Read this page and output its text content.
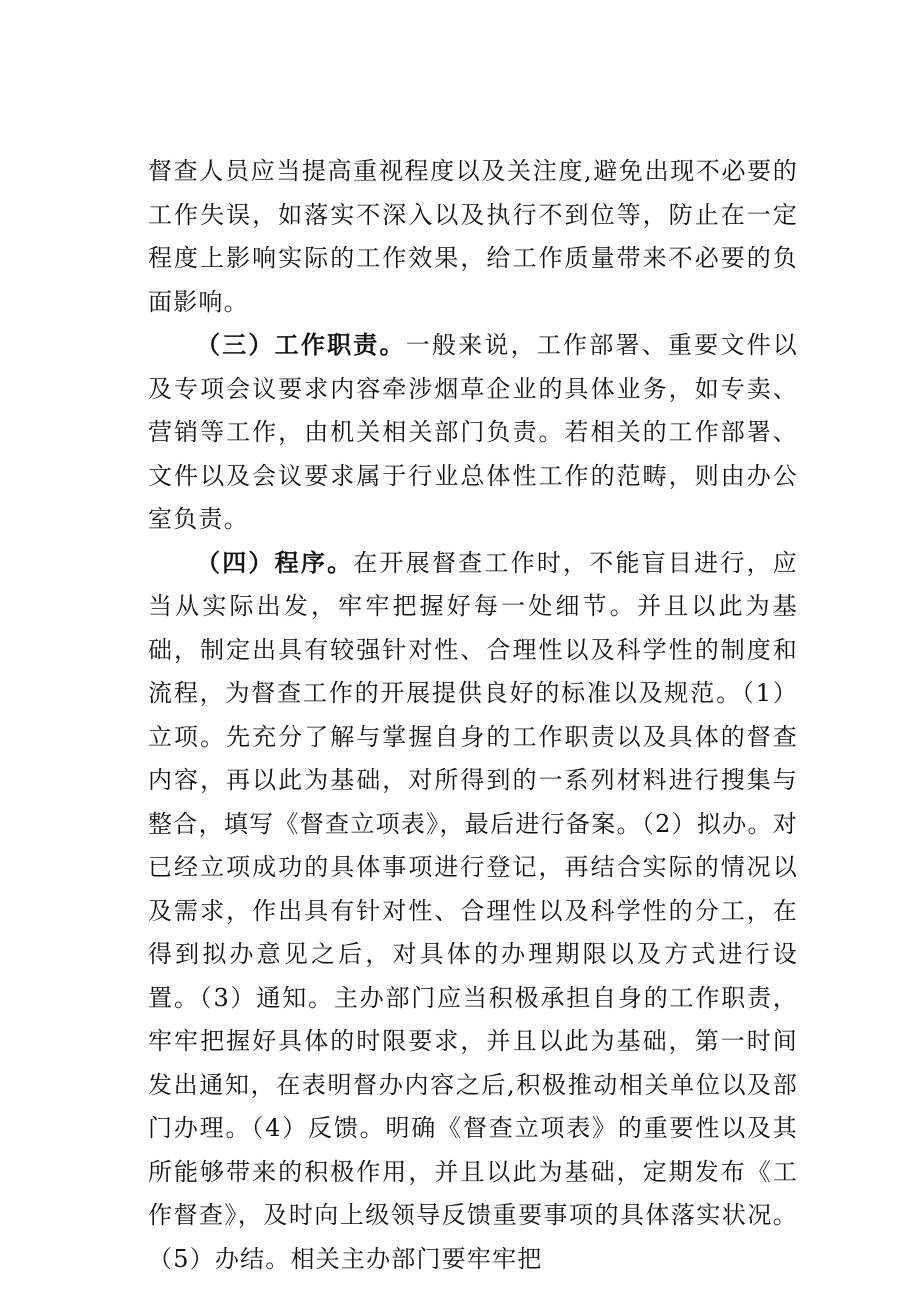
督查人员应当提高重视程度以及关注度,避免出现不必要的工作失误，如落实不深入以及执行不到位等，防止在一定程度上影响实际的工作效果，给工作质量带来不必要的负面影响。

（三）工作职责。一般来说，工作部署、重要文件以及专项会议要求内容牵涉烟草企业的具体业务，如专卖、营销等工作，由机关相关部门负责。若相关的工作部署、文件以及会议要求属于行业总体性工作的范畴，则由办公室负责。

（四）程序。在开展督查工作时，不能盲目进行，应当从实际出发，牢牢把握好每一处细节。并且以此为基础，制定出具有较强针对性、合理性以及科学性的制度和流程，为督查工作的开展提供良好的标准以及规范。（1）立项。先充分了解与掌握自身的工作职责以及具体的督查内容，再以此为基础，对所得到的一系列材料进行搜集与整合，填写《督查立项表》，最后进行备案。（2）拟办。对已经立项成功的具体事项进行登记，再结合实际的情况以及需求，作出具有针对性、合理性以及科学性的分工，在得到拟办意见之后，对具体的办理期限以及方式进行设置。（3）通知。主办部门应当积极承担自身的工作职责，牢牢把握好具体的时限要求，并且以此为基础，第一时间发出通知，在表明督办内容之后,积极推动相关单位以及部门办理。（4）反馈。明确《督查立项表》的重要性以及其所能够带来的积极作用，并且以此为基础，定期发布《工作督查》，及时向上级领导反馈重要事项的具体落实状况。（5）办结。相关主办部门要牢牢把
